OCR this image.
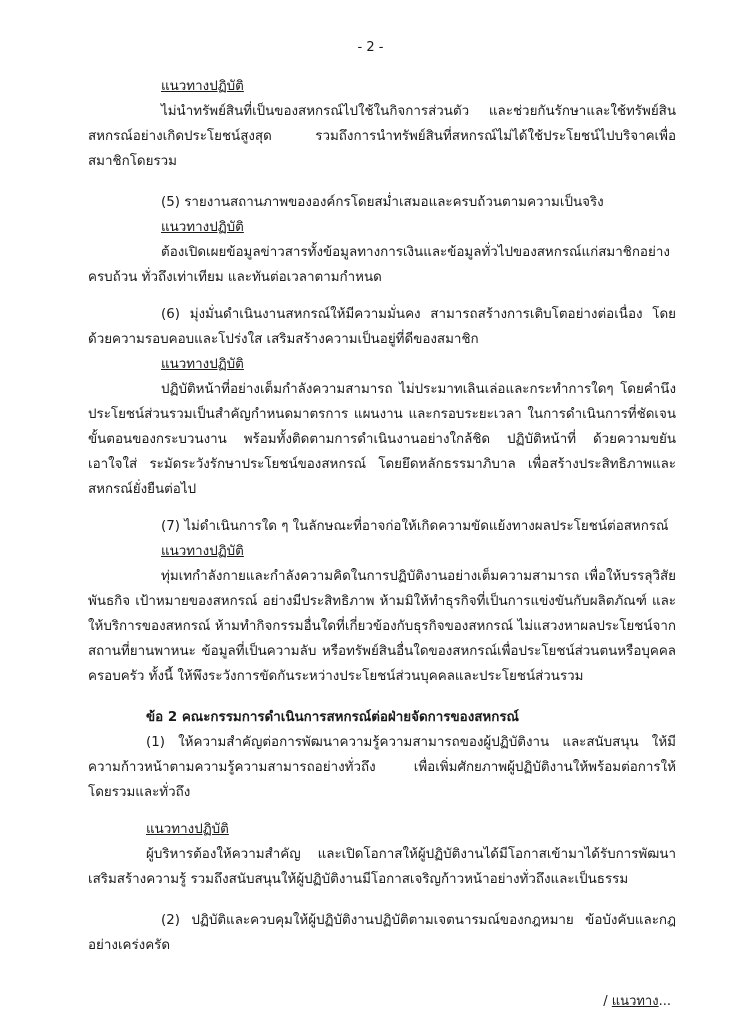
- 2 -
แนวทางปฏิบัติ
ไม่นำทรัพย์สินที่เป็นของสหกรณ์ไปใช้ในกิจการส่วนตัว และช่วยกันรักษาและใช้ทรัพย์สิน
สหกรณ์อย่างเกิดประโยชน์สูงสุด รวมถึงการนำทรัพย์สินที่สหกรณ์ไม่ได้ใช้ประโยชน์ไปบริจาคเพื่อ
สมาชิกโดยรวม
(5) รายงานสถานภาพขององค์กรโดยสม่ำเสมอและครบถ้วนตามความเป็นจริง
แนวทางปฏิบัติ
ต้องเปิดเผยข้อมูลข่าวสารทั้งข้อมูลทางการเงินและข้อมูลทั่วไปของสหกรณ์แก่สมาชิกอย่าง
ครบถ้วน ทั่วถึงเท่าเทียม และทันต่อเวลาตามกำหนด
(6) มุ่งมั่นดำเนินงานสหกรณ์ให้มีความมั่นคง สามารถสร้างการเติบโตอย่างต่อเนื่อง โดย
ด้วยความรอบคอบและโปร่งใส เสริมสร้างความเป็นอยู่ที่ดีของสมาชิก
แนวทางปฏิบัติ
ปฏิบัติหน้าที่อย่างเต็มกำลังความสามารถ ไม่ประมาทเลินเล่อและกระทำการใดๆ โดยคำนึง
ประโยชน์ส่วนรวมเป็นสำคัญกำหนดมาตรการ แผนงาน และกรอบระยะเวลา ในการดำเนินการที่ชัดเจน
ขั้นตอนของกระบวนงาน พร้อมทั้งติดตามการดำเนินงานอย่างใกล้ชิด ปฏิบัติหน้าที่ ด้วยความขยัน
เอาใจใส่ ระมัดระวังรักษาประโยชน์ของสหกรณ์ โดยยึดหลักธรรมาภิบาล เพื่อสร้างประสิทธิภาพและ
สหกรณ์ยั่งยืนต่อไป
(7) ไม่ดำเนินการใด ๆ ในลักษณะที่อาจก่อให้เกิดความขัดแย้งทางผลประโยชน์ต่อสหกรณ์
แนวทางปฏิบัติ
ทุ่มเทกำลังกายและกำลังความคิดในการปฏิบัติงานอย่างเต็มความสามารถ เพื่อให้บรรลุวิสัย
พันธกิจ เป้าหมายของสหกรณ์ อย่างมีประสิทธิภาพ ห้ามมิให้ทำธุรกิจที่เป็นการแข่งขันกับผลิตภัณฑ์ และ
ให้บริการของสหกรณ์ ห้ามทำกิจกรรมอื่นใดที่เกี่ยวข้องกับธุรกิจของสหกรณ์ ไม่แสวงหาผลประโยชน์จาก
สถานที่ยานพาหนะ ข้อมูลที่เป็นความลับ หรือทรัพย์สินอื่นใดของสหกรณ์เพื่อประโยชน์ส่วนตนหรือบุคคล
ครอบครัว ทั้งนี้ ให้พึงระวังการขัดกันระหว่างประโยชน์ส่วนบุคคลและประโยชน์ส่วนรวม
ข้อ 2 คณะกรรมการดำเนินการสหกรณ์ต่อฝ่ายจัดการของสหกรณ์
(1) ให้ความสำคัญต่อการพัฒนาความรู้ความสามารถของผู้ปฏิบัติงาน และสนับสนุน ให้มี
ความก้าวหน้าตามความรู้ความสามารถอย่างทั่วถึง เพื่อเพิ่มศักยภาพผู้ปฏิบัติงานให้พร้อมต่อการให้
โดยรวมและทั่วถึง
แนวทางปฏิบัติ
ผู้บริหารต้องให้ความสำคัญ และเปิดโอกาสให้ผู้ปฏิบัติงานได้มีโอกาสเข้ามาได้รับการพัฒนา
เสริมสร้างความรู้ รวมถึงสนับสนุนให้ผู้ปฏิบัติงานมีโอกาสเจริญก้าวหน้าอย่างทั่วถึงและเป็นธรรม
(2) ปฏิบัติและควบคุมให้ผู้ปฏิบัติงานปฏิบัติตามเจตนารมณ์ของกฎหมาย ข้อบังคับและกฎ
อย่างเคร่งครัด
/ แนวทาง...
